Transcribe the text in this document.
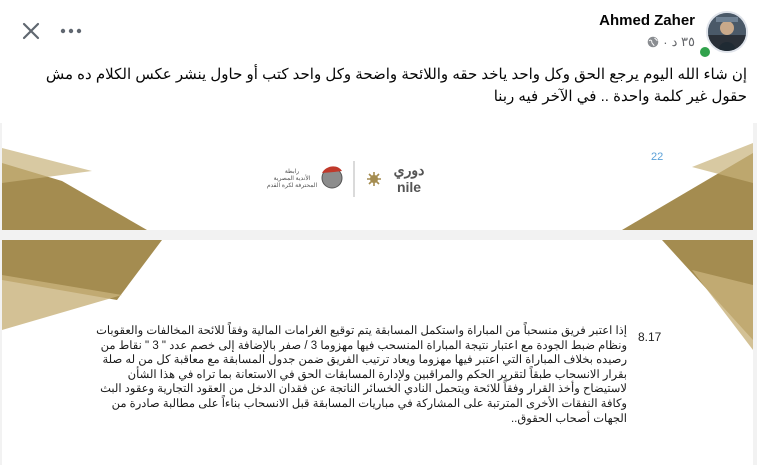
Ahmed Zaher
· ٣٥ د
إن شاء الله اليوم يرجع الحق وكل واحد ياخد حقه واللائحة واضحة وكل واحد كتب أو حاول ينشر عكس الكلام ده مش حقول غير كلمة واحدة .. في الآخر فيه ربنا
22
رابطة
الأندية المصرية
المحترفة لكرة القدم
دوري
nile
8.17
إذا اعتبر فريق منسحباً من المباراة واستكمل المسابقة يتم توقيع الغرامات المالية وفقاً للائحة المخالفات والعقوبات ونظام ضبط الجودة مع اعتبار نتيجة المباراة المنسحب فيها مهزوما 3 / صفر بالإضافة إلى خصم عدد " 3 " نقاط من رصيده بخلاف المباراة التي اعتبر فيها مهزوما ويعاد ترتيب الفريق ضمن جدول المسابقة مع معاقبة كل من له صلة بقرار الانسحاب طبقاً لتقرير الحكم والمراقبين ولإدارة المسابقات الحق في الاستعانة بما تراه في هذا الشأن لاستيضاح وأخذ القرار وفقاً للائحة ويتحمل النادي الخسائر الناتجة عن فقدان الدخل من العقود التجارية وعقود البث وكافة النفقات الأخرى المترتبة على المشاركة في مباريات المسابقة قبل الانسحاب بناءاً على مطالبة صادرة من الجهات أصحاب الحقوق..
